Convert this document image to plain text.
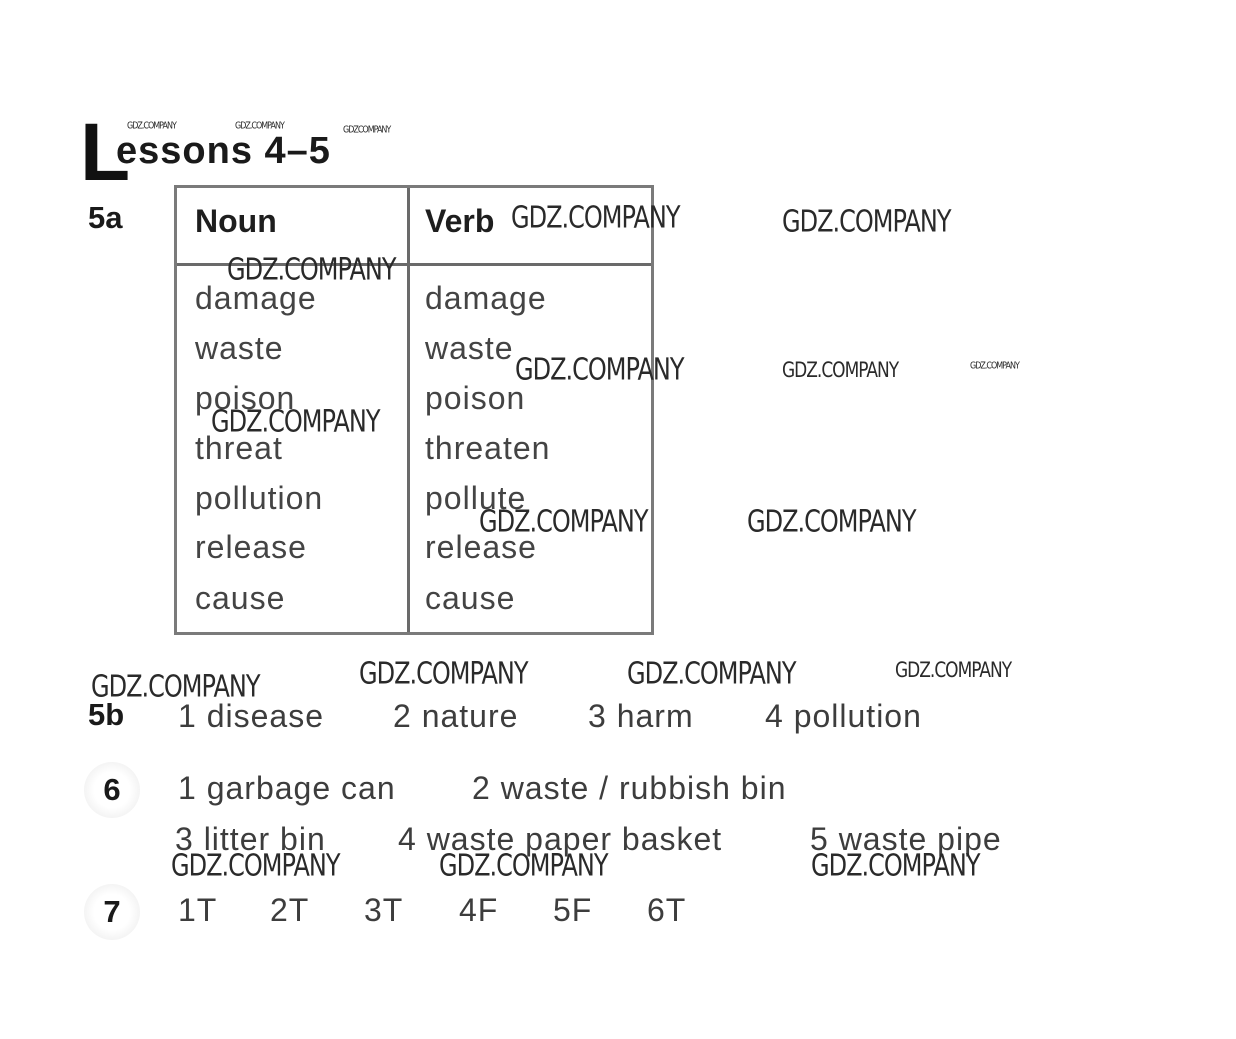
L
essons 4–5
5a Noun	Verb
damage	damage
waste	waste
poison	poison
threat	threaten
pollution	pollute
release	release
cause	cause
5b 1 disease 2 nature 3 harm 4 pollution
6	1 garbage can 2 waste / rubbish bin
3 litter bin 4 waste paper basket	5 waste pipe
7	1T 2T 3T 4F 5F 6T
GDZ.COMPANY	GDZ.COMPANY	GDZCOMPANY
GDZ.COMPANY	GDZ.COMPANY
GDZ.COMPANY
GDZ.COMPANY	GDZ.COMPANY	GDZ.COMPANY
GDZ.COMPANY
GDZ.COMPANY	GDZ.COMPANY
GDZ.COMPANY	GDZ.COMPANY	GDZ.COMPANY
GDZ.COMPANY
GDZ.COMPANY	GDZ.COMPANY	GDZ.COMPANY
